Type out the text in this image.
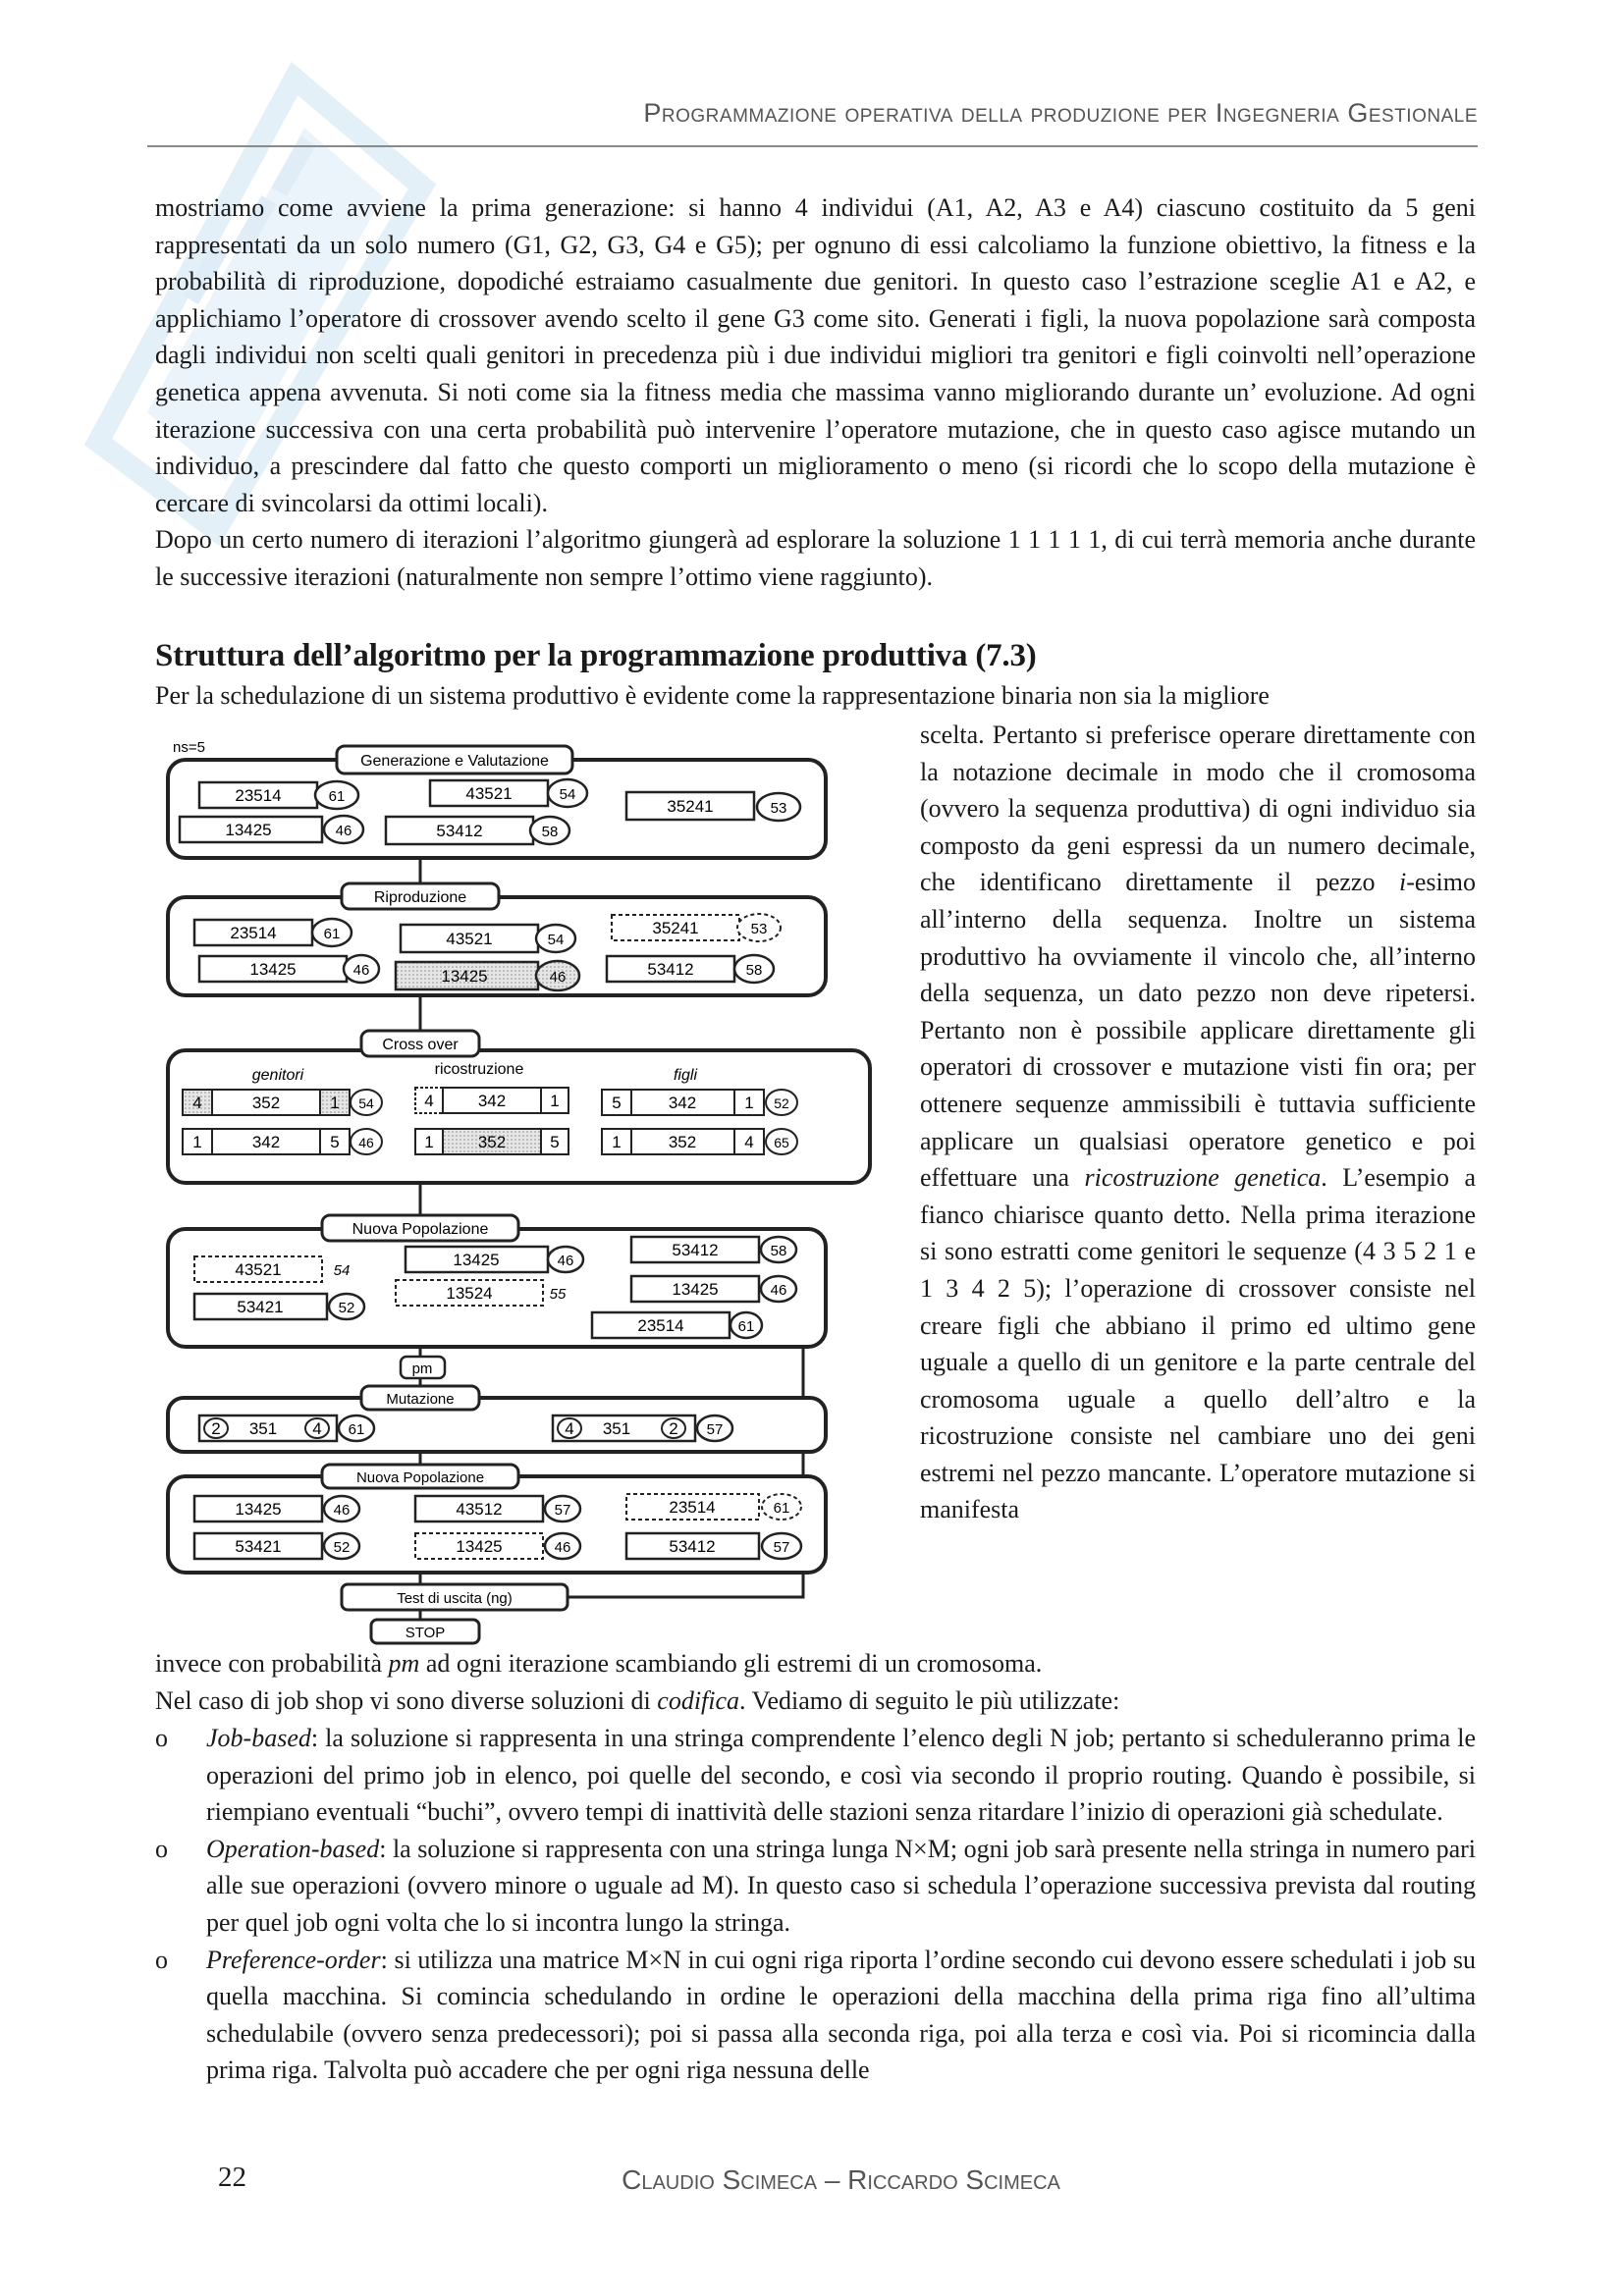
Programmazione operativa della produzione per Ingegneria Gestionale

mostriamo come avviene la prima generazione: si hanno 4 individui (A1, A2, A3 e A4) ciascuno costituito da 5 geni rappresentati da un solo numero (G1, G2, G3, G4 e G5); per ognuno di essi calcoliamo la funzione obiettivo, la fitness e la probabilità di riproduzione, dopodiché estraiamo casualmente due genitori. In questo caso l’estrazione sceglie A1 e A2, e applichiamo l’operatore di crossover avendo scelto il gene G3 come sito. Generati i figli, la nuova popolazione sarà composta dagli individui non scelti quali genitori in precedenza più i due individui migliori tra genitori e figli coinvolti nell’operazione genetica appena avvenuta. Si noti come sia la fitness media che massima vanno migliorando durante un’ evoluzione. Ad ogni iterazione successiva con una certa probabilità può intervenire l’operatore mutazione, che in questo caso agisce mutando un individuo, a prescindere dal fatto che questo comporti un miglioramento o meno (si ricordi che lo scopo della mutazione è cercare di svincolarsi da ottimi locali).

Dopo un certo numero di iterazioni l’algoritmo giungerà ad esplorare la soluzione 1 1 1 1 1, di cui terrà memoria anche durante le successive iterazioni (naturalmente non sempre l’ottimo viene raggiunto).

Struttura dell’algoritmo per la programmazione produttiva (7.3)
Per la schedulazione di un sistema produttivo è evidente come la rappresentazione binaria non sia la migliore

scelta. Pertanto si preferisce operare direttamente con la notazione decimale in modo che il cromosoma (ovvero la sequenza produttiva) di ogni individuo sia composto da geni espressi da un numero decimale, che identificano direttamente il pezzo i-esimo all’interno della sequenza. Inoltre un sistema produttivo ha ovviamente il vincolo che, all’interno della sequenza, un dato pezzo non deve ripetersi. Pertanto non è possibile applicare direttamente gli operatori di crossover e mutazione visti fin ora; per ottenere sequenze ammissibili è tuttavia sufficiente applicare un qualsiasi operatore genetico e poi effettuare una ricostruzione genetica. L’esempio a fianco chiarisce quanto detto. Nella prima iterazione si sono estratti come genitori le sequenze (4 3 5 2 1 e 1 3 4 2 5); l’operazione di crossover consiste nel creare figli che abbiano il primo ed ultimo gene uguale a quello di un genitore e la parte centrale del cromosoma uguale a quello dell’altro e la ricostruzione consiste nel cambiare uno dei geni estremi nel pezzo mancante. L’operatore mutazione si manifesta

invece con probabilità pm ad ogni iterazione scambiando gli estremi di un cromosoma.

Nel caso di job shop vi sono diverse soluzioni di codifica. Vediamo di seguito le più utilizzate:

o	Job-based: la soluzione si rappresenta in una stringa comprendente l’elenco degli N job; pertanto si scheduleranno prima le operazioni del primo job in elenco, poi quelle del secondo, e così via secondo il proprio routing. Quando è possibile, si riempiano eventuali “buchi”, ovvero tempi di inattività delle stazioni senza ritardare l’inizio di operazioni già schedulate.
o	Operation-based: la soluzione si rappresenta con una stringa lunga N×M; ogni job sarà presente nella stringa in numero pari alle sue operazioni (ovvero minore o uguale ad M). In questo caso si schedula l’operazione successiva prevista dal routing per quel job ogni volta che lo si incontra lungo la stringa.
o	Preference-order: si utilizza una matrice M×N in cui ogni riga riporta l’ordine secondo cui devono essere schedulati i job su quella macchina. Si comincia schedulando in ordine le operazioni della macchina della prima riga fino all’ultima schedulabile (ovvero senza predecessori); poi si passa alla seconda riga, poi alla terza e così via. Poi si ricomincia dalla prima riga. Talvolta può accadere che per ogni riga nessuna delle
ns=5
Generazione e Valutazione
23514	61	43521	54
35241	53
13425	46	53412	58
Riproduzione
23514	61	43521	54
35241	53
13425	46	13425	46	53412	58
Cross over
ricostruzione
genitori	figli
4	352	1 54
1	342	5 46
4	342	1
1	352	5
5	342	1 52
1	352	4 65
Nuova Popolazione
43521	54
13425	46
53412	58
13524	55	13425	46
53421	52
23514	61
pm
Mutazione
2 351 4 61	4 351 2 57
Nuova Popolazione
13425	46	43512	57	23514	61
53421	52	13425	46	53412	57
Test di uscita (ng)
STOP
22	Claudio Scimeca – Riccardo Scimeca
